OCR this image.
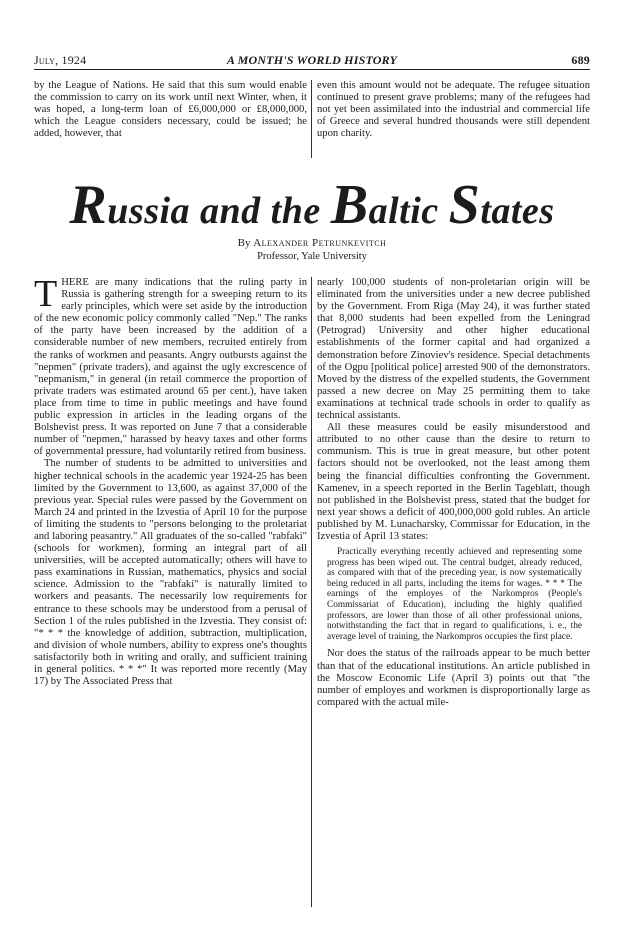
July, 1924	A MONTH'S WORLD HISTORY	689

by the League of Nations. He said that this sum would enable the commission to carry on its work until next Winter, when, it was hoped, a long-term loan of £6,000,000 or £8,000,000, which the League considers necessary, could be issued; he added, however, that

even this amount would not be adequate. The refugee situation continued to present grave problems; many of the refugees had not yet been assimilated into the industrial and commercial life of Greece and several hundred thousands were still dependent upon charity.

Russia and the Baltic States
By Alexander Petrunkevitch
Professor, Yale University

THERE are many indications that the ruling party in Russia is gathering strength for a sweeping return to its early principles, which were set aside by the introduction of the new economic policy commonly called "Nep." The ranks of the party have been increased by the addition of a considerable number of new members, recruited entirely from the ranks of workmen and peasants. Angry outbursts against the "nepmen" (private traders), and against the ugly excrescence of "nepmanism," in general (in retail commerce the proportion of private traders was estimated around 65 per cent.), have taken place from time to time in public meetings and have found public expression in articles in the leading organs of the Bolshevist press. It was reported on June 7 that a considerable number of "nepmen," harassed by heavy taxes and other forms of governmental pressure, had voluntarily retired from business.

The number of students to be admitted to universities and higher technical schools in the academic year 1924-25 has been limited by the Government to 13,600, as against 37,000 of the previous year. Special rules were passed by the Government on March 24 and printed in the Izvestia of April 10 for the purpose of limiting the students to "persons belonging to the proletariat and laboring peasantry." All graduates of the so-called "rabfaki" (schools for workmen), forming an integral part of all universities, will be accepted automatically; others will have to pass examinations in Russian, mathematics, physics and social science. Admission to the "rabfaki" is naturally limited to workers and peasants. The necessarily low requirements for entrance to these schools may be understood from a perusal of Section 1 of the rules published in the Izvestia. They consist of: "* * * the knowledge of addition, subtraction, multiplication, and division of whole numbers, ability to express one's thoughts satisfactorily both in writing and orally, and sufficient training in general politics. * * *" It was reported more recently (May 17) by The Associated Press that

nearly 100,000 students of non-proletarian origin will be eliminated from the universities under a new decree published by the Government. From Riga (May 24), it was further stated that 8,000 students had been expelled from the Leningrad (Petrograd) University and other higher educational establishments of the former capital and had organized a demonstration before Zinoviev's residence. Special detachments of the Ogpu [political police] arrested 900 of the demonstrators. Moved by the distress of the expelled students, the Government passed a new decree on May 25 permitting them to take examinations at technical trade schools in order to qualify as technical assistants.

All these measures could be easily misunderstood and attributed to no other cause than the desire to return to communism. This is true in great measure, but other potent factors should not be overlooked, not the least among them being the financial difficulties confronting the Government. Kamenev, in a speech reported in the Berlin Tageblatt, though not published in the Bolshevist press, stated that the budget for next year shows a deficit of 400,000,000 gold rubles. An article published by M. Lunacharsky, Commissar for Education, in the Izvestia of April 13 states:

Practically everything recently achieved and representing some progress has been wiped out. The central budget, already reduced, as compared with that of the preceding year, is now systematically being reduced in all parts, including the items for wages. * * * The earnings of the employes of the Narkompros (People's Commissariat of Education), including the highly qualified professors, are lower than those of all other professional unions, notwithstanding the fact that in regard to qualifications, i. e., the average level of training, the Narkompros occupies the first place.

Nor does the status of the railroads appear to be much better than that of the educational institutions. An article published in the Moscow Economic Life (April 3) points out that "the number of employes and workmen is disproportionally large as compared with the actual mile-
